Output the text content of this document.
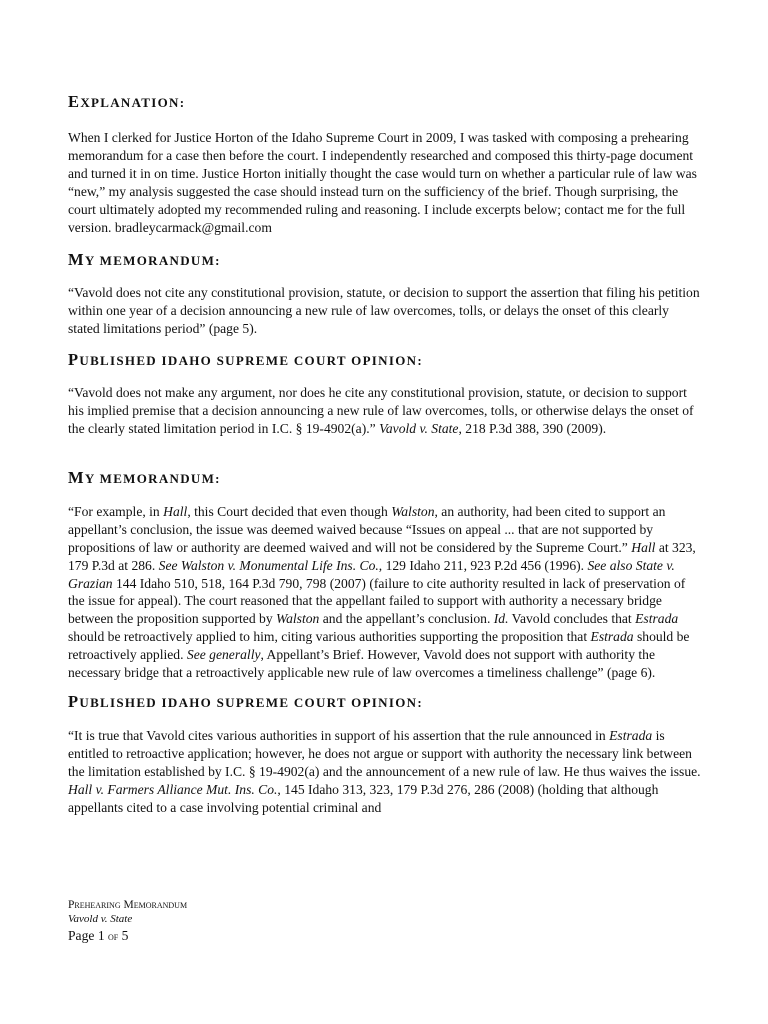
EXPLANATION:

When I clerked for Justice Horton of the Idaho Supreme Court in 2009, I was tasked with composing a prehearing memorandum for a case then before the court. I independently researched and composed this thirty-page document and turned it in on time. Justice Horton initially thought the case would turn on whether a particular rule of law was “new,” my analysis suggested the case should instead turn on the sufficiency of the brief. Though surprising, the court ultimately adopted my recommended ruling and reasoning. I include excerpts below; contact me for the full version. bradleycarmack@gmail.com

MY MEMORANDUM:

“Vavold does not cite any constitutional provision, statute, or decision to support the assertion that filing his petition within one year of a decision announcing a new rule of law overcomes, tolls, or delays the onset of this clearly stated limitations period” (page 5).

PUBLISHED IDAHO SUPREME COURT OPINION:

“Vavold does not make any argument, nor does he cite any constitutional provision, statute, or decision to support his implied premise that a decision announcing a new rule of law overcomes, tolls, or otherwise delays the onset of the clearly stated limitation period in I.C. § 19-4902(a).” Vavold v. State, 218 P.3d 388, 390 (2009).

MY MEMORANDUM:

“For example, in Hall, this Court decided that even though Walston, an authority, had been cited to support an appellant’s conclusion, the issue was deemed waived because “Issues on appeal ... that are not supported by propositions of law or authority are deemed waived and will not be considered by the Supreme Court.” Hall at 323, 179 P.3d at 286. See Walston v. Monumental Life Ins. Co., 129 Idaho 211, 923 P.2d 456 (1996). See also State v. Grazian 144 Idaho 510, 518, 164 P.3d 790, 798 (2007) (failure to cite authority resulted in lack of preservation of the issue for appeal). The court reasoned that the appellant failed to support with authority a necessary bridge between the proposition supported by Walston and the appellant’s conclusion. Id. Vavold concludes that Estrada should be retroactively applied to him, citing various authorities supporting the proposition that Estrada should be retroactively applied. See generally, Appellant’s Brief. However, Vavold does not support with authority the necessary bridge that a retroactively applicable new rule of law overcomes a timeliness challenge” (page 6).

PUBLISHED IDAHO SUPREME COURT OPINION:

“It is true that Vavold cites various authorities in support of his assertion that the rule announced in Estrada is entitled to retroactive application; however, he does not argue or support with authority the necessary link between the limitation established by I.C. § 19-4902(a) and the announcement of a new rule of law. He thus waives the issue. Hall v. Farmers Alliance Mut. Ins. Co., 145 Idaho 313, 323, 179 P.3d 276, 286 (2008) (holding that although appellants cited to a case involving potential criminal and

Prehearing Memorandum
Vavold v. State
Page 1 of 5
